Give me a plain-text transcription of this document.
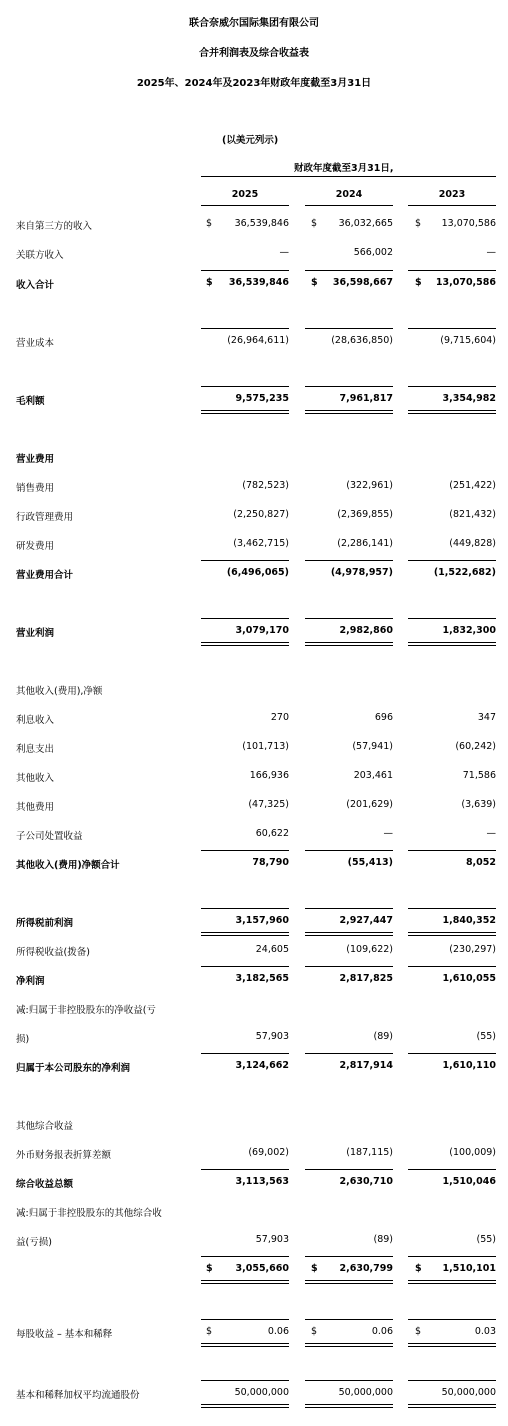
联合奈威尔国际集团有限公司
合并利润表及综合收益表
2025年、2024年及2023年财政年度截至3月31日
(以美元列示)
财政年度截至3月31日,
2025	2024	2023
来自第三方的收入	$	36,539,846 $	36,032,665 $	13,070,586
关联方收入	—	566,002	—
收入合计	$	36,539,846 $	36,598,667 $	13,070,586
营业成本	(26,964,611)	(28,636,850)	(9,715,604)
毛利额	9,575,235	7,961,817	3,354,982
营业费用
销售费用	(782,523)	(322,961)	(251,422)
行政管理费用	(2,250,827)	(2,369,855)	(821,432)
研发费用	(3,462,715)	(2,286,141)	(449,828)
营业费用合计	(6,496,065)	(4,978,957)	(1,522,682)
营业利润	3,079,170	2,982,860	1,832,300
其他收入(费用),净额
利息收入	270	696	347
利息支出	(101,713)	(57,941)	(60,242)
其他收入	166,936	203,461	71,586
其他费用	(47,325)	(201,629)	(3,639)
子公司处置收益	60,622	—	—
其他收入(费用)净额合计	78,790	(55,413)	8,052
所得税前利润	3,157,960	2,927,447	1,840,352
所得税收益(拨备)	24,605	(109,622)	(230,297)
净利润	3,182,565	2,817,825	1,610,055
减:归属于非控股股东的净收益(亏
损)	57,903	(89)	(55)
归属于本公司股东的净利润	3,124,662	2,817,914	1,610,110
其他综合收益
外币财务报表折算差额	(69,002)	(187,115)	(100,009)
综合收益总额	3,113,563	2,630,710	1,510,046
减:归属于非控股股东的其他综合收
益(亏损)	57,903	(89)	(55)
$	3,055,660 $	2,630,799 $	1,510,101
每股收益 – 基本和稀释	$	0.06 $	0.06 $	0.03
基本和稀释加权平均流通股份	50,000,000	50,000,000	50,000,000
